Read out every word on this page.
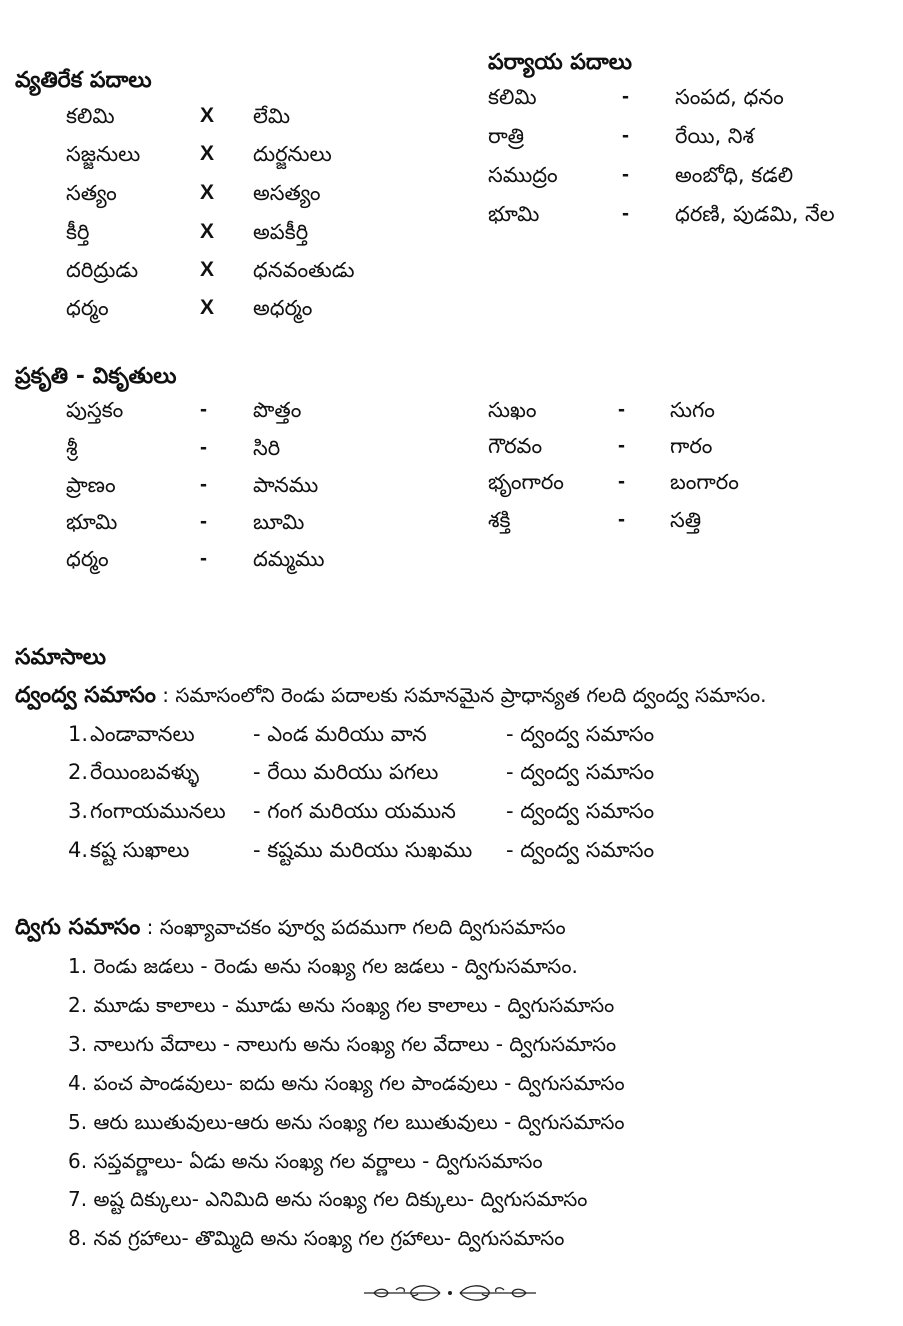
వ్యతిరేక పదాలు
కలిమి	X లేమి
సజ్జనులు	X దుర్జనులు
సత్యం	X అసత్యం
కీర్తి	X అపకీర్తి
దరిద్రుడు	X ధనవంతుడు
ధర్మం	X అధర్మం
పర్యాయ పదాలు
కలిమి	- సంపద, ధనం
రాత్రి	- రేయి, నిశ
సముద్రం	- అంబోధి, కడలి
భూమి	- ధరణి, పుడమి, నేల
ప్రకృతి - వికృతులు
పుస్తకం	- పొత్తం
శ్రీ	- సిరి
ప్రాణం	- పానము
భూమి	- బూమి
ధర్మం	- దమ్మము
సుఖం	- సుగం
గౌరవం	- గారం
భృంగారం	- బంగారం
శక్తి	- సత్తి
సమాసాలు
ద్వంద్వ సమాసం : సమాసంలోని రెండు పదాలకు సమానమైన ప్రాధాన్యత గలది ద్వంద్వ సమాసం.
1. ఎండావానలు	- ఎండ మరియు వాన	- ద్వంద్వ సమాసం
2. రేయింబవళ్ళు	- రేయి మరియు పగలు	- ద్వంద్వ సమాసం
3. గంగాయమునలు - గంగ మరియు యమున - ద్వంద్వ సమాసం
4. కష్ట సుఖాలు	- కష్టము మరియు సుఖము - ద్వంద్వ సమాసం
ద్విగు సమాసం : సంఖ్యావాచకం పూర్వ పదముగా గలది ద్విగుసమాసం
1. రెండు జడలు - రెండు అను సంఖ్య గల జడలు - ద్విగుసమాసం.
2. మూడు కాలాలు - మూడు అను సంఖ్య గల కాలాలు - ద్విగుసమాసం
3. నాలుగు వేదాలు - నాలుగు అను సంఖ్య గల వేదాలు - ద్విగుసమాసం
4. పంచ పాండవులు- ఐదు అను సంఖ్య గల పాండవులు - ద్విగుసమాసం
5. ఆరు ఋతువులు-ఆరు అను సంఖ్య గల ఋతువులు - ద్విగుసమాసం
6. సప్తవర్ణాలు- ఏడు అను సంఖ్య గల వర్ణాలు - ద్విగుసమాసం
7. అష్ట దిక్కులు- ఎనిమిది అను సంఖ్య గల దిక్కులు- ద్విగుసమాసం
8. నవ గ్రహాలు- తొమ్మిది అను సంఖ్య గల గ్రహాలు- ద్విగుసమాసం
